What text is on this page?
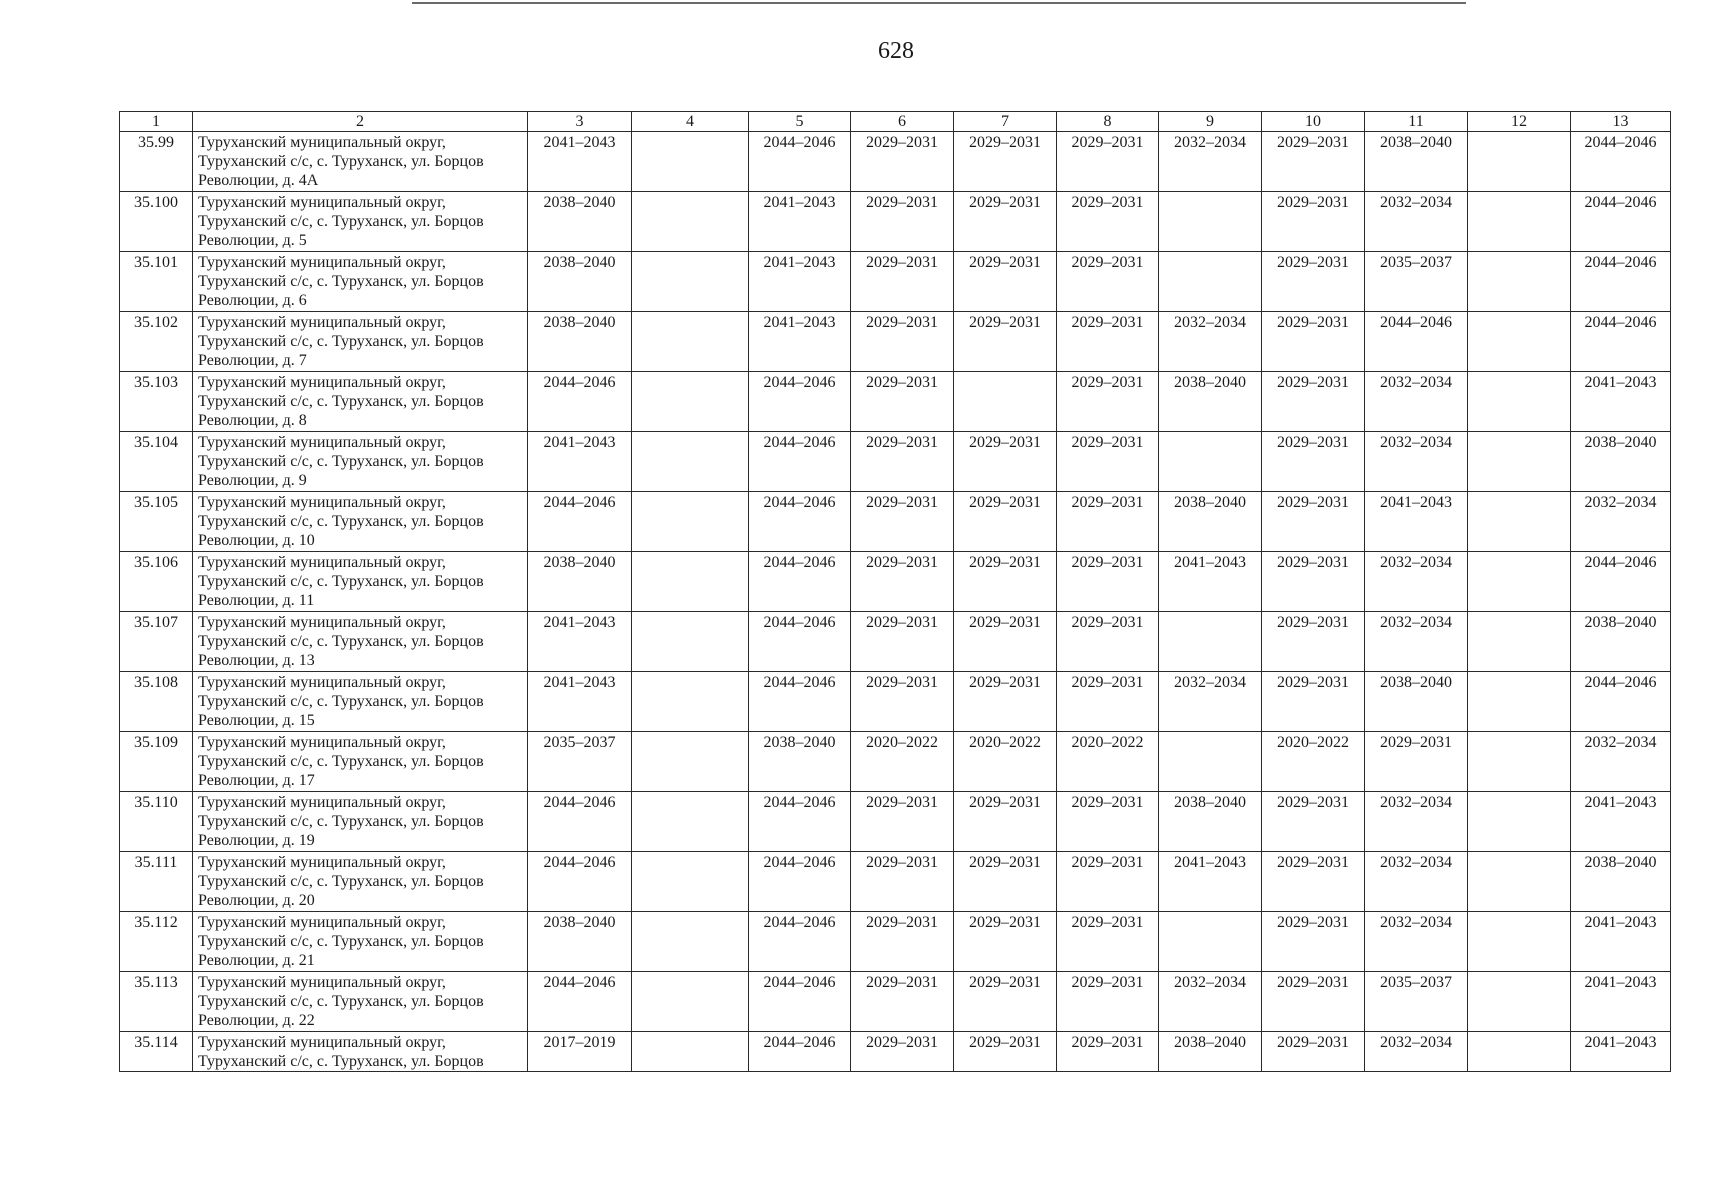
628
1	2	3	4	5	6	7	8	9	10	11	12	13
35.99	Туруханский муниципальный округ, Туруханский с/с, с. Туруханск, ул. Борцов Революции, д. 4А	2041–2043		2044–2046	2029–2031	2029–2031	2029–2031	2032–2034	2029–2031	2038–2040		2044–2046
35.100	Туруханский муниципальный округ, Туруханский с/с, с. Туруханск, ул. Борцов Революции, д. 5	2038–2040		2041–2043	2029–2031	2029–2031	2029–2031		2029–2031	2032–2034		2044–2046
35.101	Туруханский муниципальный округ, Туруханский с/с, с. Туруханск, ул. Борцов Революции, д. 6	2038–2040		2041–2043	2029–2031	2029–2031	2029–2031		2029–2031	2035–2037		2044–2046
35.102	Туруханский муниципальный округ, Туруханский с/с, с. Туруханск, ул. Борцов Революции, д. 7	2038–2040		2041–2043	2029–2031	2029–2031	2029–2031	2032–2034	2029–2031	2044–2046		2044–2046
35.103	Туруханский муниципальный округ, Туруханский с/с, с. Туруханск, ул. Борцов Революции, д. 8	2044–2046		2044–2046	2029–2031		2029–2031	2038–2040	2029–2031	2032–2034		2041–2043
35.104	Туруханский муниципальный округ, Туруханский с/с, с. Туруханск, ул. Борцов Революции, д. 9	2041–2043		2044–2046	2029–2031	2029–2031	2029–2031		2029–2031	2032–2034		2038–2040
35.105	Туруханский муниципальный округ, Туруханский с/с, с. Туруханск, ул. Борцов Революции, д. 10	2044–2046		2044–2046	2029–2031	2029–2031	2029–2031	2038–2040	2029–2031	2041–2043		2032–2034
35.106	Туруханский муниципальный округ, Туруханский с/с, с. Туруханск, ул. Борцов Революции, д. 11	2038–2040		2044–2046	2029–2031	2029–2031	2029–2031	2041–2043	2029–2031	2032–2034		2044–2046
35.107	Туруханский муниципальный округ, Туруханский с/с, с. Туруханск, ул. Борцов Революции, д. 13	2041–2043		2044–2046	2029–2031	2029–2031	2029–2031		2029–2031	2032–2034		2038–2040
35.108	Туруханский муниципальный округ, Туруханский с/с, с. Туруханск, ул. Борцов Революции, д. 15	2041–2043		2044–2046	2029–2031	2029–2031	2029–2031	2032–2034	2029–2031	2038–2040		2044–2046
35.109	Туруханский муниципальный округ, Туруханский с/с, с. Туруханск, ул. Борцов Революции, д. 17	2035–2037		2038–2040	2020–2022	2020–2022	2020–2022		2020–2022	2029–2031		2032–2034
35.110	Туруханский муниципальный округ, Туруханский с/с, с. Туруханск, ул. Борцов Революции, д. 19	2044–2046		2044–2046	2029–2031	2029–2031	2029–2031	2038–2040	2029–2031	2032–2034		2041–2043
35.111	Туруханский муниципальный округ, Туруханский с/с, с. Туруханск, ул. Борцов Революции, д. 20	2044–2046		2044–2046	2029–2031	2029–2031	2029–2031	2041–2043	2029–2031	2032–2034		2038–2040
35.112	Туруханский муниципальный округ, Туруханский с/с, с. Туруханск, ул. Борцов Революции, д. 21	2038–2040		2044–2046	2029–2031	2029–2031	2029–2031		2029–2031	2032–2034		2041–2043
35.113	Туруханский муниципальный округ, Туруханский с/с, с. Туруханск, ул. Борцов Революции, д. 22	2044–2046		2044–2046	2029–2031	2029–2031	2029–2031	2032–2034	2029–2031	2035–2037		2041–2043
35.114	Туруханский муниципальный округ, Туруханский с/с, с. Туруханск, ул. Борцов	2017–2019		2044–2046	2029–2031	2029–2031	2029–2031	2038–2040	2029–2031	2032–2034		2041–2043
